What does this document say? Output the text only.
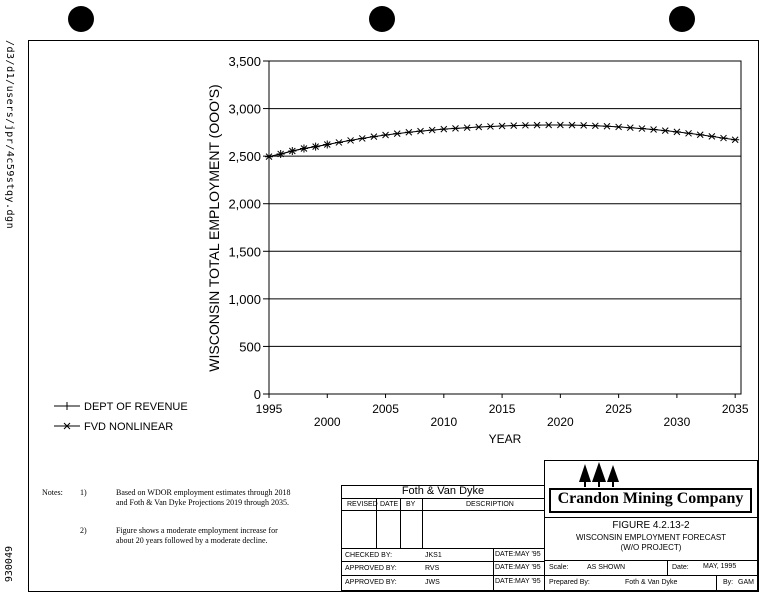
/d3/d1/users/jpr/4c59stqy.dgn
930049
0
500
1,000
1,500
2,000
2,500
3,000
3,500
1995	2005	2015	2025	2035
2000	2010	2020	2030
WISCONSIN TOTAL EMPLOYMENT (OOO'S)
YEAR
DEPT OF REVENUE
FVD NONLINEAR
Notes: 1)	Based on WDOR employment estimates through 2018 and Foth & Van Dyke Projections 2019 through 2035.
2)	Figure shows a moderate employment increase for about 20 years followed by a moderate decline.
Foth & Van Dyke
REVISED DATE BY	DESCRIPTION
CHECKED BY:	JKS1	DATE: MAY '95
APPROVED BY:	RVS	DATE: MAY '95
APPROVED BY:	JWS	DATE: MAY '95
Crandon Mining Company
FIGURE 4.2.13-2
WISCONSIN EMPLOYMENT FORECAST
(W/O PROJECT)
Scale:	AS SHOWN	Date: MAY, 1995
Prepared By:	Foth & Van Dyke	By: GAM
